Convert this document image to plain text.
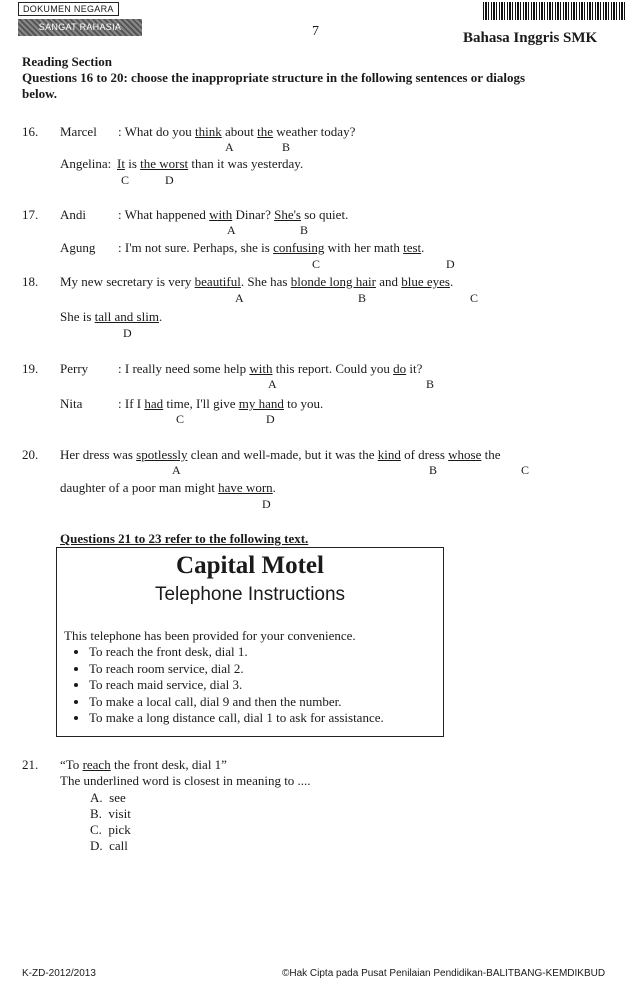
DOKUMEN NEGARA
SANGAT RAHASIA	7	Bahasa Inggris SMK
Reading Section
Questions 16 to 20: choose the inappropriate structure in the following sentences or dialogs
below.
16. Marcel : What do you think about the weather today?
A	B
Angelina: It is the worst than it was yesterday.
C	D
17. Andi : What happened with Dinar? She's so quiet.
A	B
Agung : I'm not sure. Perhaps, she is confusing with her math test.
C	D
18. My new secretary is very beautiful. She has blonde long hair and blue eyes.
A	B	C
She is tall and slim.
D
19. Perry : I really need some help with this report. Could you do it?
A	B
Nita	: If I had time, I'll give my hand to you.
C	D
20. Her dress was spotlessly clean and well-made, but it was the kind of dress whose the
A	B	C
daughter of a poor man might have worn.
D
Questions 21 to 23 refer to the following text.
Capital Motel
Telephone Instructions
This telephone has been provided for your convenience.
• To reach the front desk, dial 1.
• To reach room service, dial 2.
• To reach maid service, dial 3.
• To make a local call, dial 9 and then the number.
• To make a long distance call, dial 1 to ask for assistance.
21. “To reach the front desk, dial 1”
The underlined word is closest in meaning to ....
A. see
B. visit
C. pick
D. call
K-ZD-2012/2013	©Hak Cipta pada Pusat Penilaian Pendidikan-BALITBANG-KEMDIKBUD
